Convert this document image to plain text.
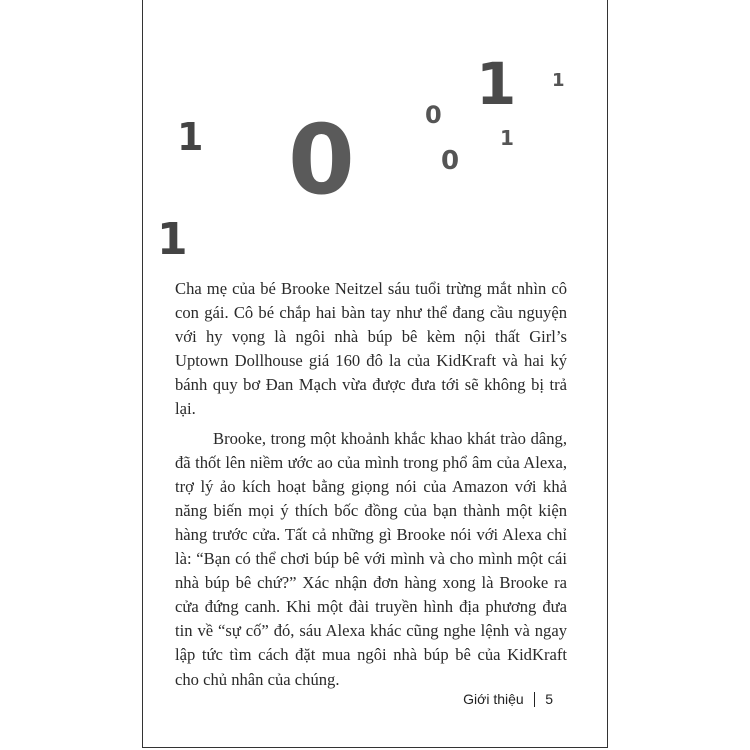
0
1
1
1
0
1
0
1

Cha mẹ của bé Brooke Neitzel sáu tuổi trừng mắt nhìn cô con gái. Cô bé chắp hai bàn tay như thể đang cầu nguyện với hy vọng là ngôi nhà búp bê kèm nội thất Girl’s Uptown Dollhouse giá 160 đô la của KidKraft và hai ký bánh quy bơ Đan Mạch vừa được đưa tới sẽ không bị trả lại.

Brooke, trong một khoảnh khắc khao khát trào dâng, đã thốt lên niềm ước ao của mình trong phổ âm của Alexa, trợ lý ảo kích hoạt bằng giọng nói của Amazon với khả năng biến mọi ý thích bốc đồng của bạn thành một kiện hàng trước cửa. Tất cả những gì Brooke nói với Alexa chỉ là: “Bạn có thể chơi búp bê với mình và cho mình một cái nhà búp bê chứ?” Xác nhận đơn hàng xong là Brooke ra cửa đứng canh. Khi một đài truyền hình địa phương đưa tin về “sự cố” đó, sáu Alexa khác cũng nghe lệnh và ngay lập tức tìm cách đặt mua ngôi nhà búp bê của KidKraft cho chủ nhân của chúng.

Giới thiệu 5
